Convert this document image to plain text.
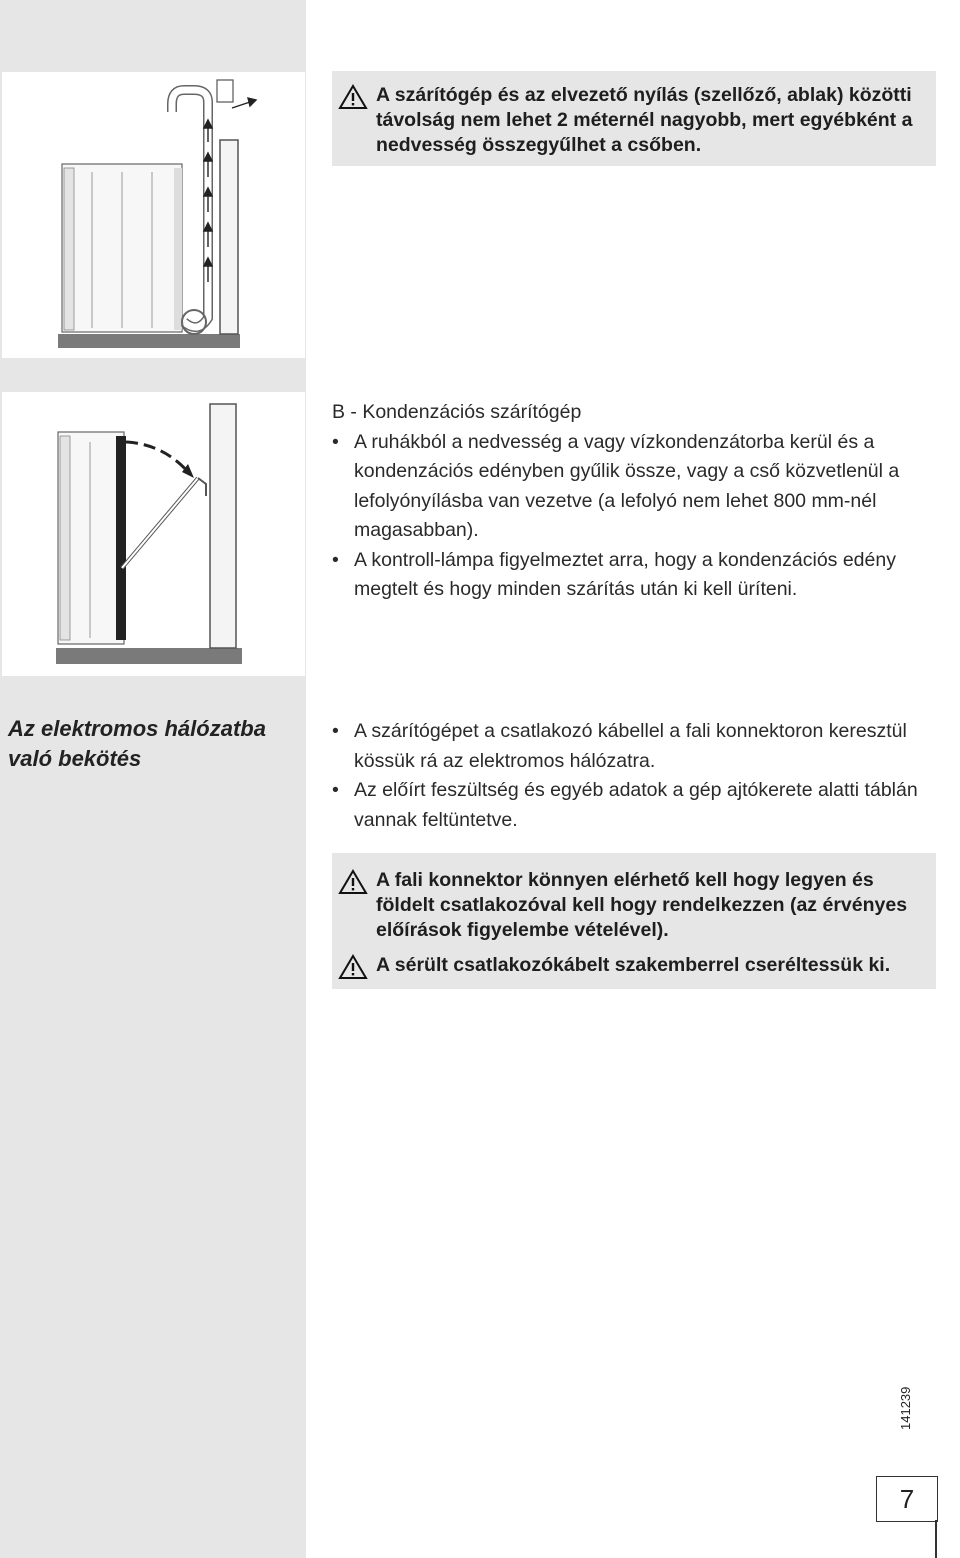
A szárítógép és az elvezető nyílás (szellőző, ablak) közötti távolság nem lehet 2 méternél nagyobb, mert egyébként a nedvesség összegyűlhet a csőben.
B - Kondenzációs szárítógép
• A ruhákból a nedvesség a vagy vízkondenzátorba kerül és a kondenzációs edényben gyűlik össze, vagy a cső közvetlenül a lefolyónyílásba van vezetve (a lefolyó nem lehet 800 mm-nél magasabban).
• A kontroll-lámpa figyelmeztet arra, hogy a kondenzációs edény megtelt és hogy minden szárítás után ki kell üríteni.
Az elektromos hálózatba való bekötés
• A szárítógépet a csatlakozó kábellel a fali konnektoron keresztül kössük rá az elektromos hálózatra.
• Az előírt feszültség és egyéb adatok a gép ajtókerete alatti táblán vannak feltüntetve.
A fali konnektor könnyen elérhető kell hogy legyen és földelt csatlakozóval kell hogy rendelkezzen (az érvényes előírások figyelembe vételével).
A sérült csatlakozókábelt szakemberrel cseréltessük ki.
141239
7
